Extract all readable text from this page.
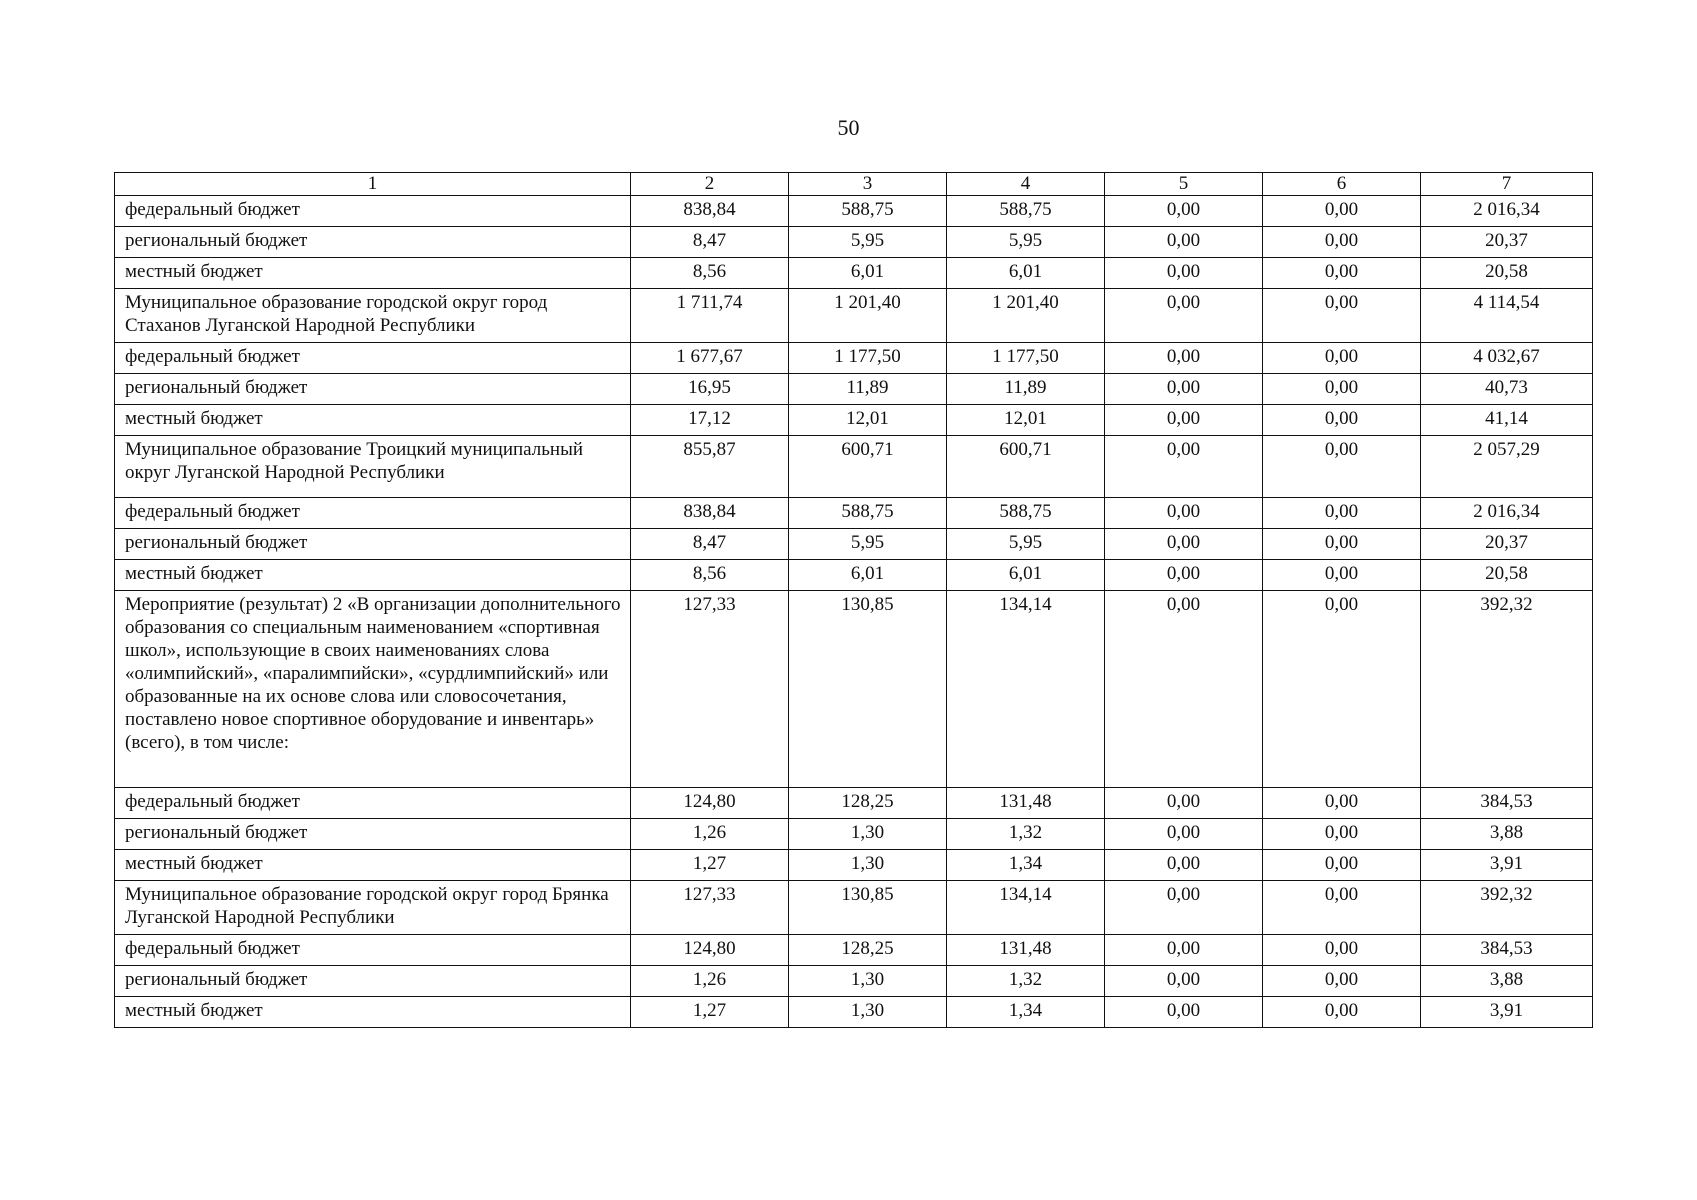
50
1	2	3	4	5	6	7
федеральный бюджет	838,84	588,75	588,75	0,00	0,00	2 016,34
региональный бюджет	8,47	5,95	5,95	0,00	0,00	20,37
местный бюджет	8,56	6,01	6,01	0,00	0,00	20,58
Муниципальное образование городской округ город Стаханов Луганской Народной Республики	1 711,74	1 201,40	1 201,40	0,00	0,00	4 114,54
федеральный бюджет	1 677,67	1 177,50	1 177,50	0,00	0,00	4 032,67
региональный бюджет	16,95	11,89	11,89	0,00	0,00	40,73
местный бюджет	17,12	12,01	12,01	0,00	0,00	41,14
Муниципальное образование Троицкий муниципальный округ Луганской Народной Республики	855,87	600,71	600,71	0,00	0,00	2 057,29
федеральный бюджет	838,84	588,75	588,75	0,00	0,00	2 016,34
региональный бюджет	8,47	5,95	5,95	0,00	0,00	20,37
местный бюджет	8,56	6,01	6,01	0,00	0,00	20,58
Мероприятие (результат) 2 «В организации дополнительного образования со специальным наименованием «спортивная школ», использующие в своих наименованиях слова «олимпийский», «паралимпийски», «сурдлимпийский» или образованные на их основе слова или словосочетания, поставлено новое спортивное оборудование и инвентарь» (всего), в том числе:	127,33	130,85	134,14	0,00	0,00	392,32
федеральный бюджет	124,80	128,25	131,48	0,00	0,00	384,53
региональный бюджет	1,26	1,30	1,32	0,00	0,00	3,88
местный бюджет	1,27	1,30	1,34	0,00	0,00	3,91
Муниципальное образование городской округ город Брянка Луганской Народной Республики	127,33	130,85	134,14	0,00	0,00	392,32
федеральный бюджет	124,80	128,25	131,48	0,00	0,00	384,53
региональный бюджет	1,26	1,30	1,32	0,00	0,00	3,88
местный бюджет	1,27	1,30	1,34	0,00	0,00	3,91
